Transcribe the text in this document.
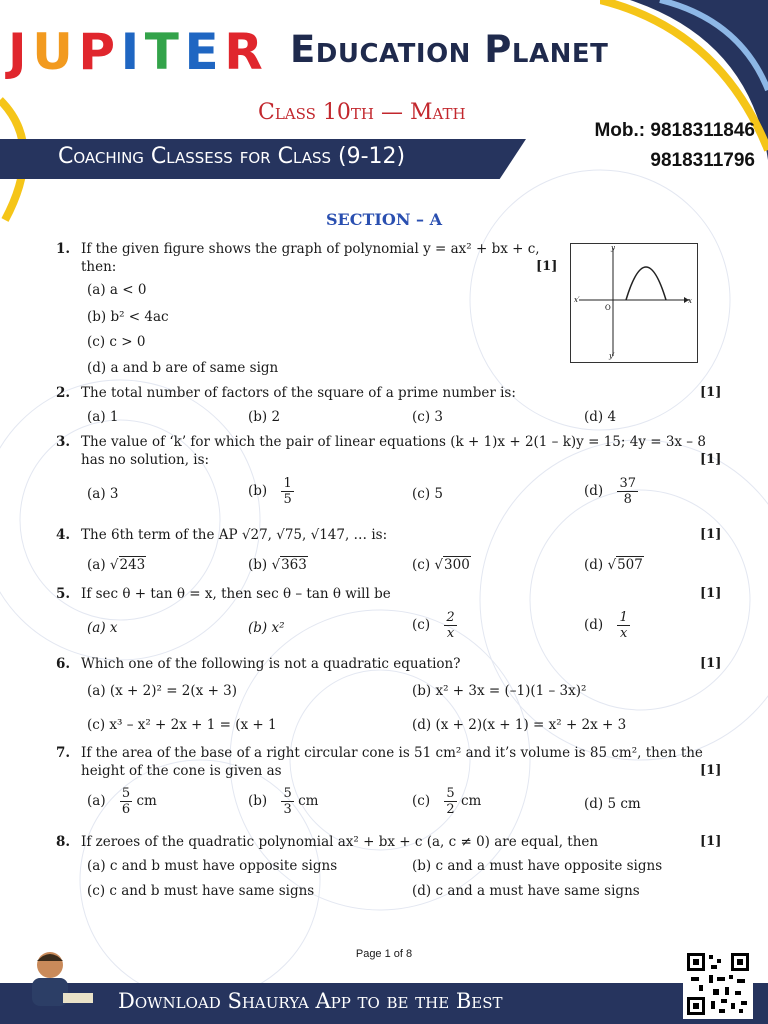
J U P I T E R Education Planet
Class 10th — Math
Mob.: 9818311846
9818311796
Coaching Classess for Class (9-12)
SECTION – A
1. If the given figure shows the graph of polynomial y = ax² + bx + c, then:	[1]
(a) a < 0
(b) b² < 4ac
(c) c > 0
(d) a and b are of same sign
y
x
x′
y′
O
2. The total number of factors of the square of a prime number is:	[1]
(a) 1	(b) 2	(c) 3	(d) 4
3. The value of ‘k’ for which the pair of linear equations (k + 1)x + 2(1 – k)y = 15; 4y = 3x – 8
has no solution, is:	[1]
(a) 3	$(b) \frac{1}{5}$	(c) 5	$(d) \frac{37}{8}$
4. The 6th term of the AP √27, √75, √147, … is:	[1]
(a) √243	(b) √363	(c) √300	(d) √507
5. If sec θ + tan θ = x, then sec θ – tan θ will be	[1]
(a) x	(b) x²	$(c) \frac{2}{x}$	$(d) \frac{1}{x}$
6. Which one of the following is not a quadratic equation?	[1]
(a) (x + 2)² = 2(x + 3)	(b) x² + 3x = (–1)(1 – 3x)²
(c) x³ – x² + 2x + 1 = (x + 1	(d) (x + 2)(x + 1) = x² + 2x + 3
7. If the area of the base of a right circular cone is 51 cm² and it’s volume is 85 cm², then the
height of the cone is given as	[1]
$(a) \frac{5}{6}$ cm	$(b) \frac{5}{3}$ cm	$(c) \frac{5}{2}$ cm	(d) 5 cm
8. If zeroes of the quadratic polynomial ax² + bx + c (a, c ≠ 0) are equal, then	[1]
(a) c and b must have opposite signs	(b) c and a must have opposite signs
(c) c and b must have same signs	(d) c and a must have same signs
Page 1 of 8
Download Shaurya App to be the Best
